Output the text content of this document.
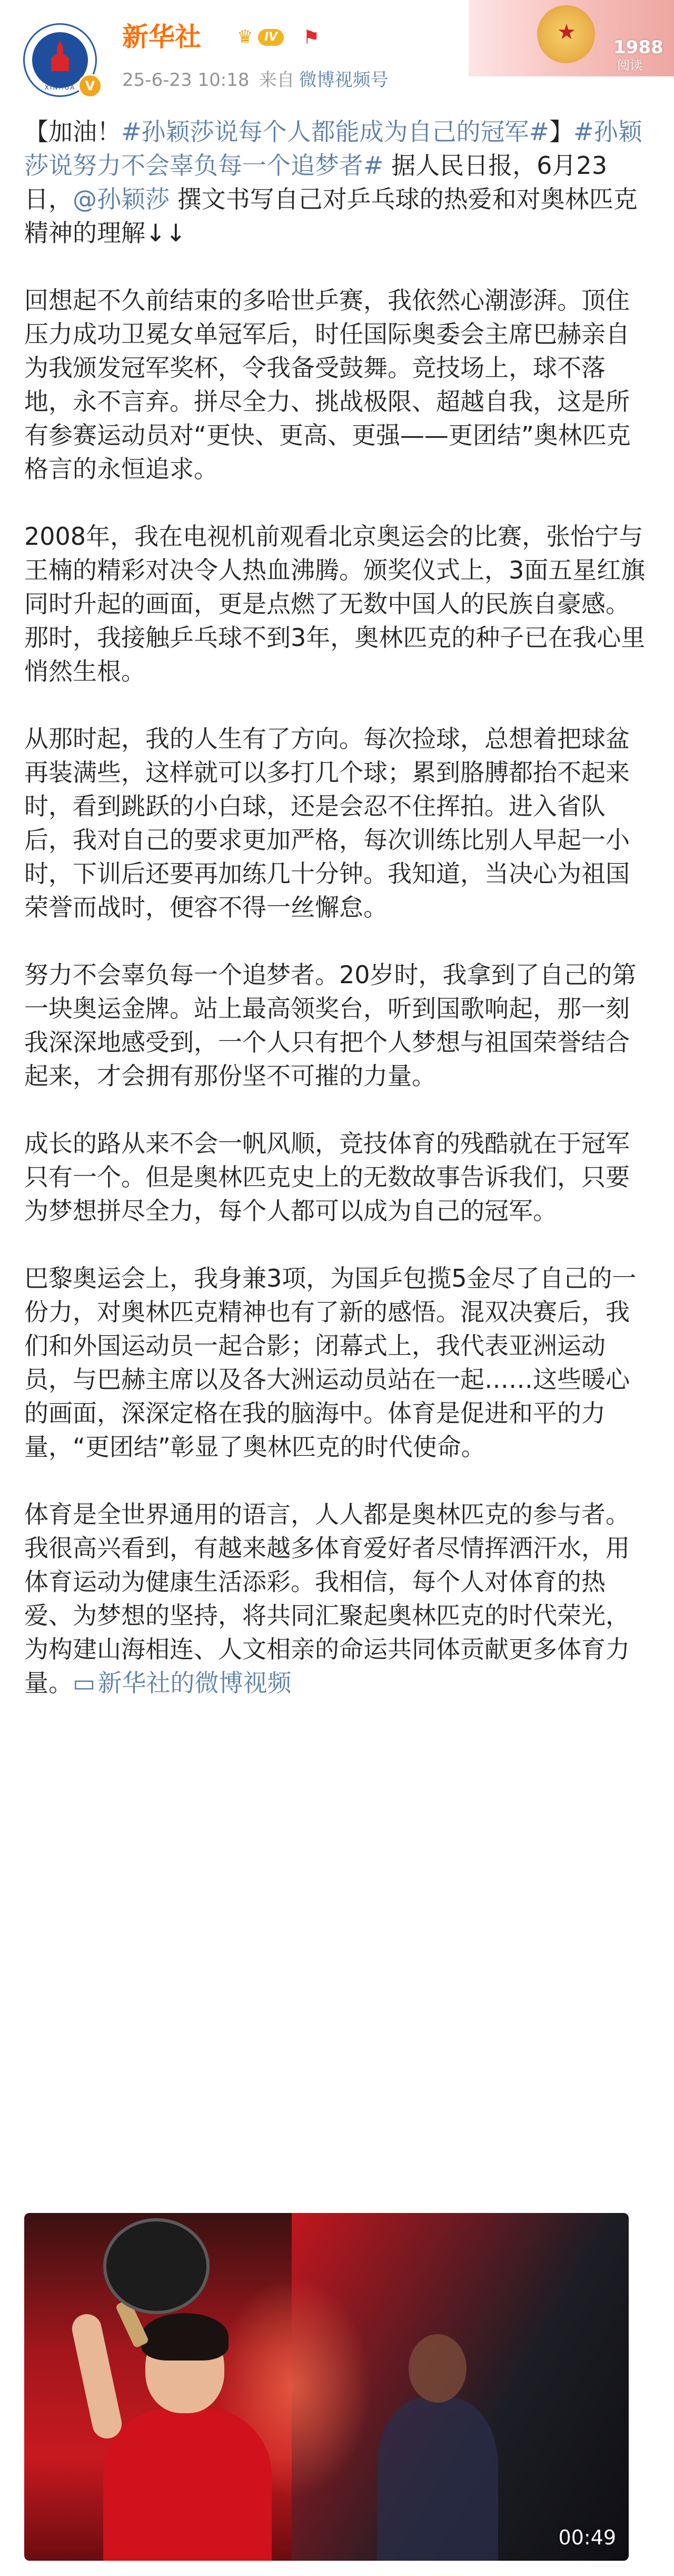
XINHUA V
新华社 ♛ IV	⚑
25-6-23 10:18 来自 微博视频号
★
1988
阅读

【加油！#孙颖莎说每个人都能成为自己的冠军#】#孙颖莎说努力不会辜负每一个追梦者# 据人民日报，6月23日，@孙颖莎 撰文书写自己对乒乓球的热爱和对奥林匹克精神的理解↓↓

回想起不久前结束的多哈世乒赛，我依然心潮澎湃。顶住压力成功卫冕女单冠军后，时任国际奥委会主席巴赫亲自为我颁发冠军奖杯，令我备受鼓舞。竞技场上，球不落地，永不言弃。拼尽全力、挑战极限、超越自我，这是所有参赛运动员对“更快、更高、更强——更团结”奥林匹克格言的永恒追求。

2008年，我在电视机前观看北京奥运会的比赛，张怡宁与王楠的精彩对决令人热血沸腾。颁奖仪式上，3面五星红旗同时升起的画面，更是点燃了无数中国人的民族自豪感。那时，我接触乒乓球不到3年，奥林匹克的种子已在我心里悄然生根。

从那时起，我的人生有了方向。每次捡球，总想着把球盆再装满些，这样就可以多打几个球；累到胳膊都抬不起来时，看到跳跃的小白球，还是会忍不住挥拍。进入省队后，我对自己的要求更加严格，每次训练比别人早起一小时，下训后还要再加练几十分钟。我知道，当决心为祖国荣誉而战时，便容不得一丝懈怠。

努力不会辜负每一个追梦者。20岁时，我拿到了自己的第一块奥运金牌。站上最高领奖台，听到国歌响起，那一刻我深深地感受到，一个人只有把个人梦想与祖国荣誉结合起来，才会拥有那份坚不可摧的力量。

成长的路从来不会一帆风顺，竞技体育的残酷就在于冠军只有一个。但是奥林匹克史上的无数故事告诉我们，只要为梦想拼尽全力，每个人都可以成为自己的冠军。

巴黎奥运会上，我身兼3项，为国乒包揽5金尽了自己的一份力，对奥林匹克精神也有了新的感悟。混双决赛后，我们和外国运动员一起合影；闭幕式上，我代表亚洲运动员，与巴赫主席以及各大洲运动员站在一起……这些暖心的画面，深深定格在我的脑海中。体育是促进和平的力量，“更团结”彰显了奥林匹克的时代使命。

体育是全世界通用的语言，人人都是奥林匹克的参与者。我很高兴看到，有越来越多体育爱好者尽情挥洒汗水，用体育运动为健康生活添彩。我相信，每个人对体育的热爱、为梦想的坚持，将共同汇聚起奥林匹克的时代荣光，为构建山海相连、人文相亲的命运共同体贡献更多体育力量。▭新华社的微博视频

00:49
